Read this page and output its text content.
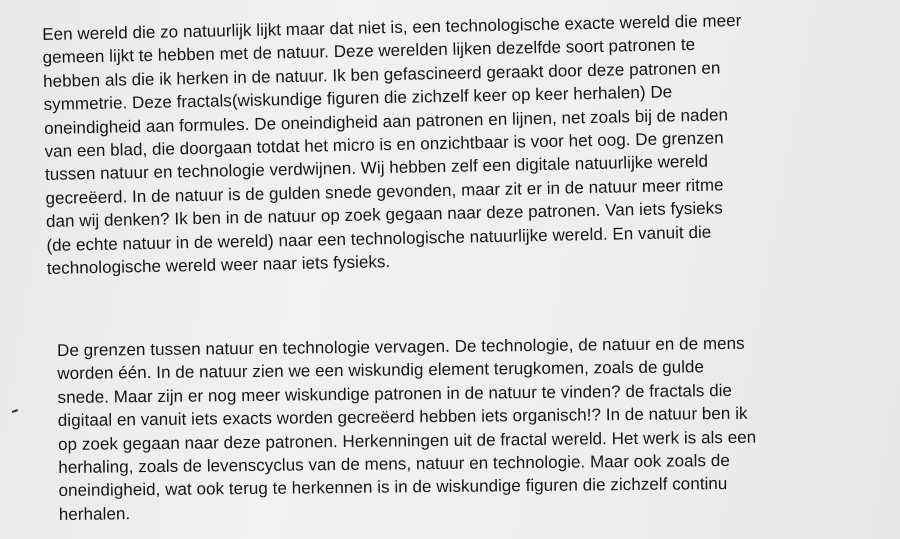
Een wereld die zo natuurlijk lijkt maar dat niet is, een technologische exacte wereld die meer
gemeen lijkt te hebben met de natuur. Deze werelden lijken dezelfde soort patronen te
hebben als die ik herken in de natuur. Ik ben gefascineerd geraakt door deze patronen en
symmetrie. Deze fractals(wiskundige figuren die zichzelf keer op keer herhalen) De
oneindigheid aan formules. De oneindigheid aan patronen en lijnen, net zoals bij de naden
van een blad, die doorgaan totdat het micro is en onzichtbaar is voor het oog. De grenzen
tussen natuur en technologie verdwijnen. Wij hebben zelf een digitale natuurlijke wereld
gecreëerd. In de natuur is de gulden snede gevonden, maar zit er in de natuur meer ritme
dan wij denken? Ik ben in de natuur op zoek gegaan naar deze patronen. Van iets fysieks
(de echte natuur in de wereld) naar een technologische natuurlijke wereld. En vanuit die
technologische wereld weer naar iets fysieks.

De grenzen tussen natuur en technologie vervagen. De technologie, de natuur en de mens
worden één. In de natuur zien we een wiskundig element terugkomen, zoals de gulde
snede. Maar zijn er nog meer wiskundige patronen in de natuur te vinden? de fractals die
digitaal en vanuit iets exacts worden gecreëerd hebben iets organisch!? In de natuur ben ik
op zoek gegaan naar deze patronen. Herkenningen uit de fractal wereld. Het werk is als een
herhaling, zoals de levenscyclus van de mens, natuur en technologie. Maar ook zoals de
oneindigheid, wat ook terug te herkennen is in de wiskundige figuren die zichzelf continu
herhalen.
